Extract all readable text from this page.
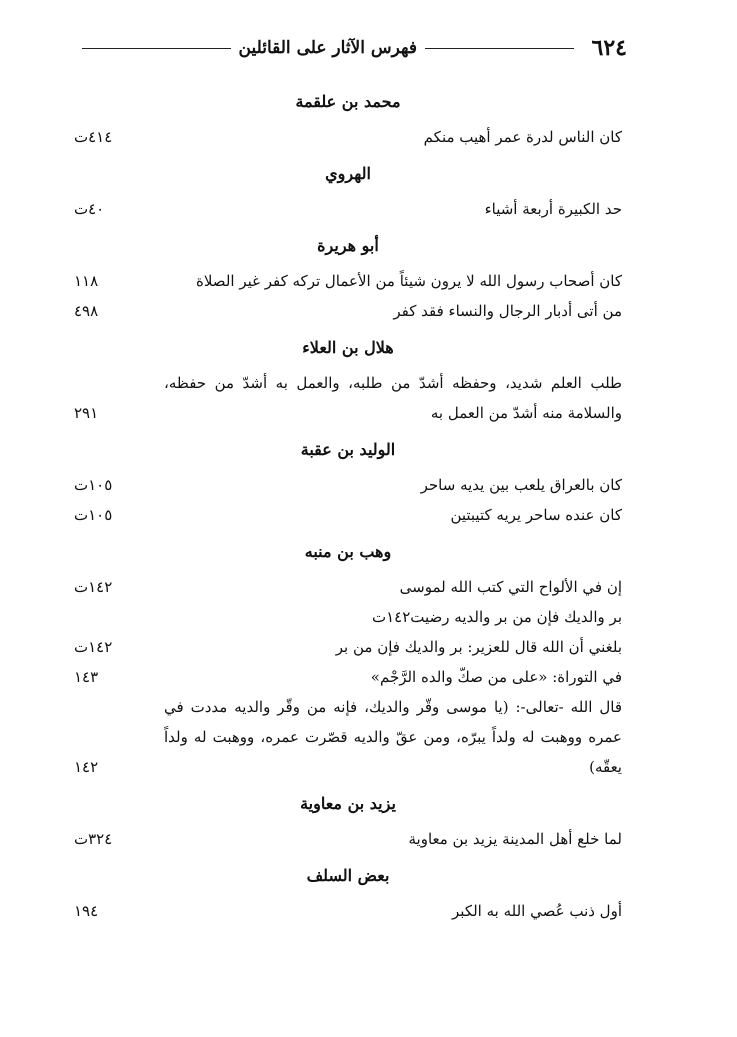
٦٢٤
فهرس الآثار على القائلين
محمد بن علقمة
كان الناس لدرة عمر أهيب منكم
٤١٤ت
الهروي
حد الكبيرة أربعة أشياء
٤٠ت
أبو هريرة
كان أصحاب رسول الله لا يرون شيئاً من الأعمال تركه كفر غير الصلاة
١١٨
من أتى أدبار الرجال والنساء فقد كفر
٤٩٨
هلال بن العلاء
طلب العلم شديد، وحفظه أشدّ من طلبه، والعمل به أشدّ من حفظه، والسلامة منه أشدّ من العمل به
٢٩١
الوليد بن عقبة
كان بالعراق يلعب بين يديه ساحر
١٠٥ت
كان عنده ساحر يريه كتيبتين
١٠٥ت
وهب بن منبه
إن في الألواح التي كتب الله لموسى
١٤٢ت
بر والديك فإن من بر والديه رضيت١٤٢ت
بلغني أن الله قال للعزير: بر والديك فإن من بر
١٤٢ت
في التوراة: «على من صكّ والده الرَّجْم»
١٤٣
قال الله -تعالى-: (يا موسى وقّر والديك، فإنه من وقّر والديه مددت في عمره ووهبت له ولداً يبرّه، ومن عقّ والديه قصّرت عمره، ووهبت له ولداً يعقّه)
١٤٢
يزيد بن معاوية
لما خلع أهل المدينة يزيد بن معاوية
٣٢٤ت
بعض السلف
أول ذنب عُصي الله به الكبر
١٩٤
